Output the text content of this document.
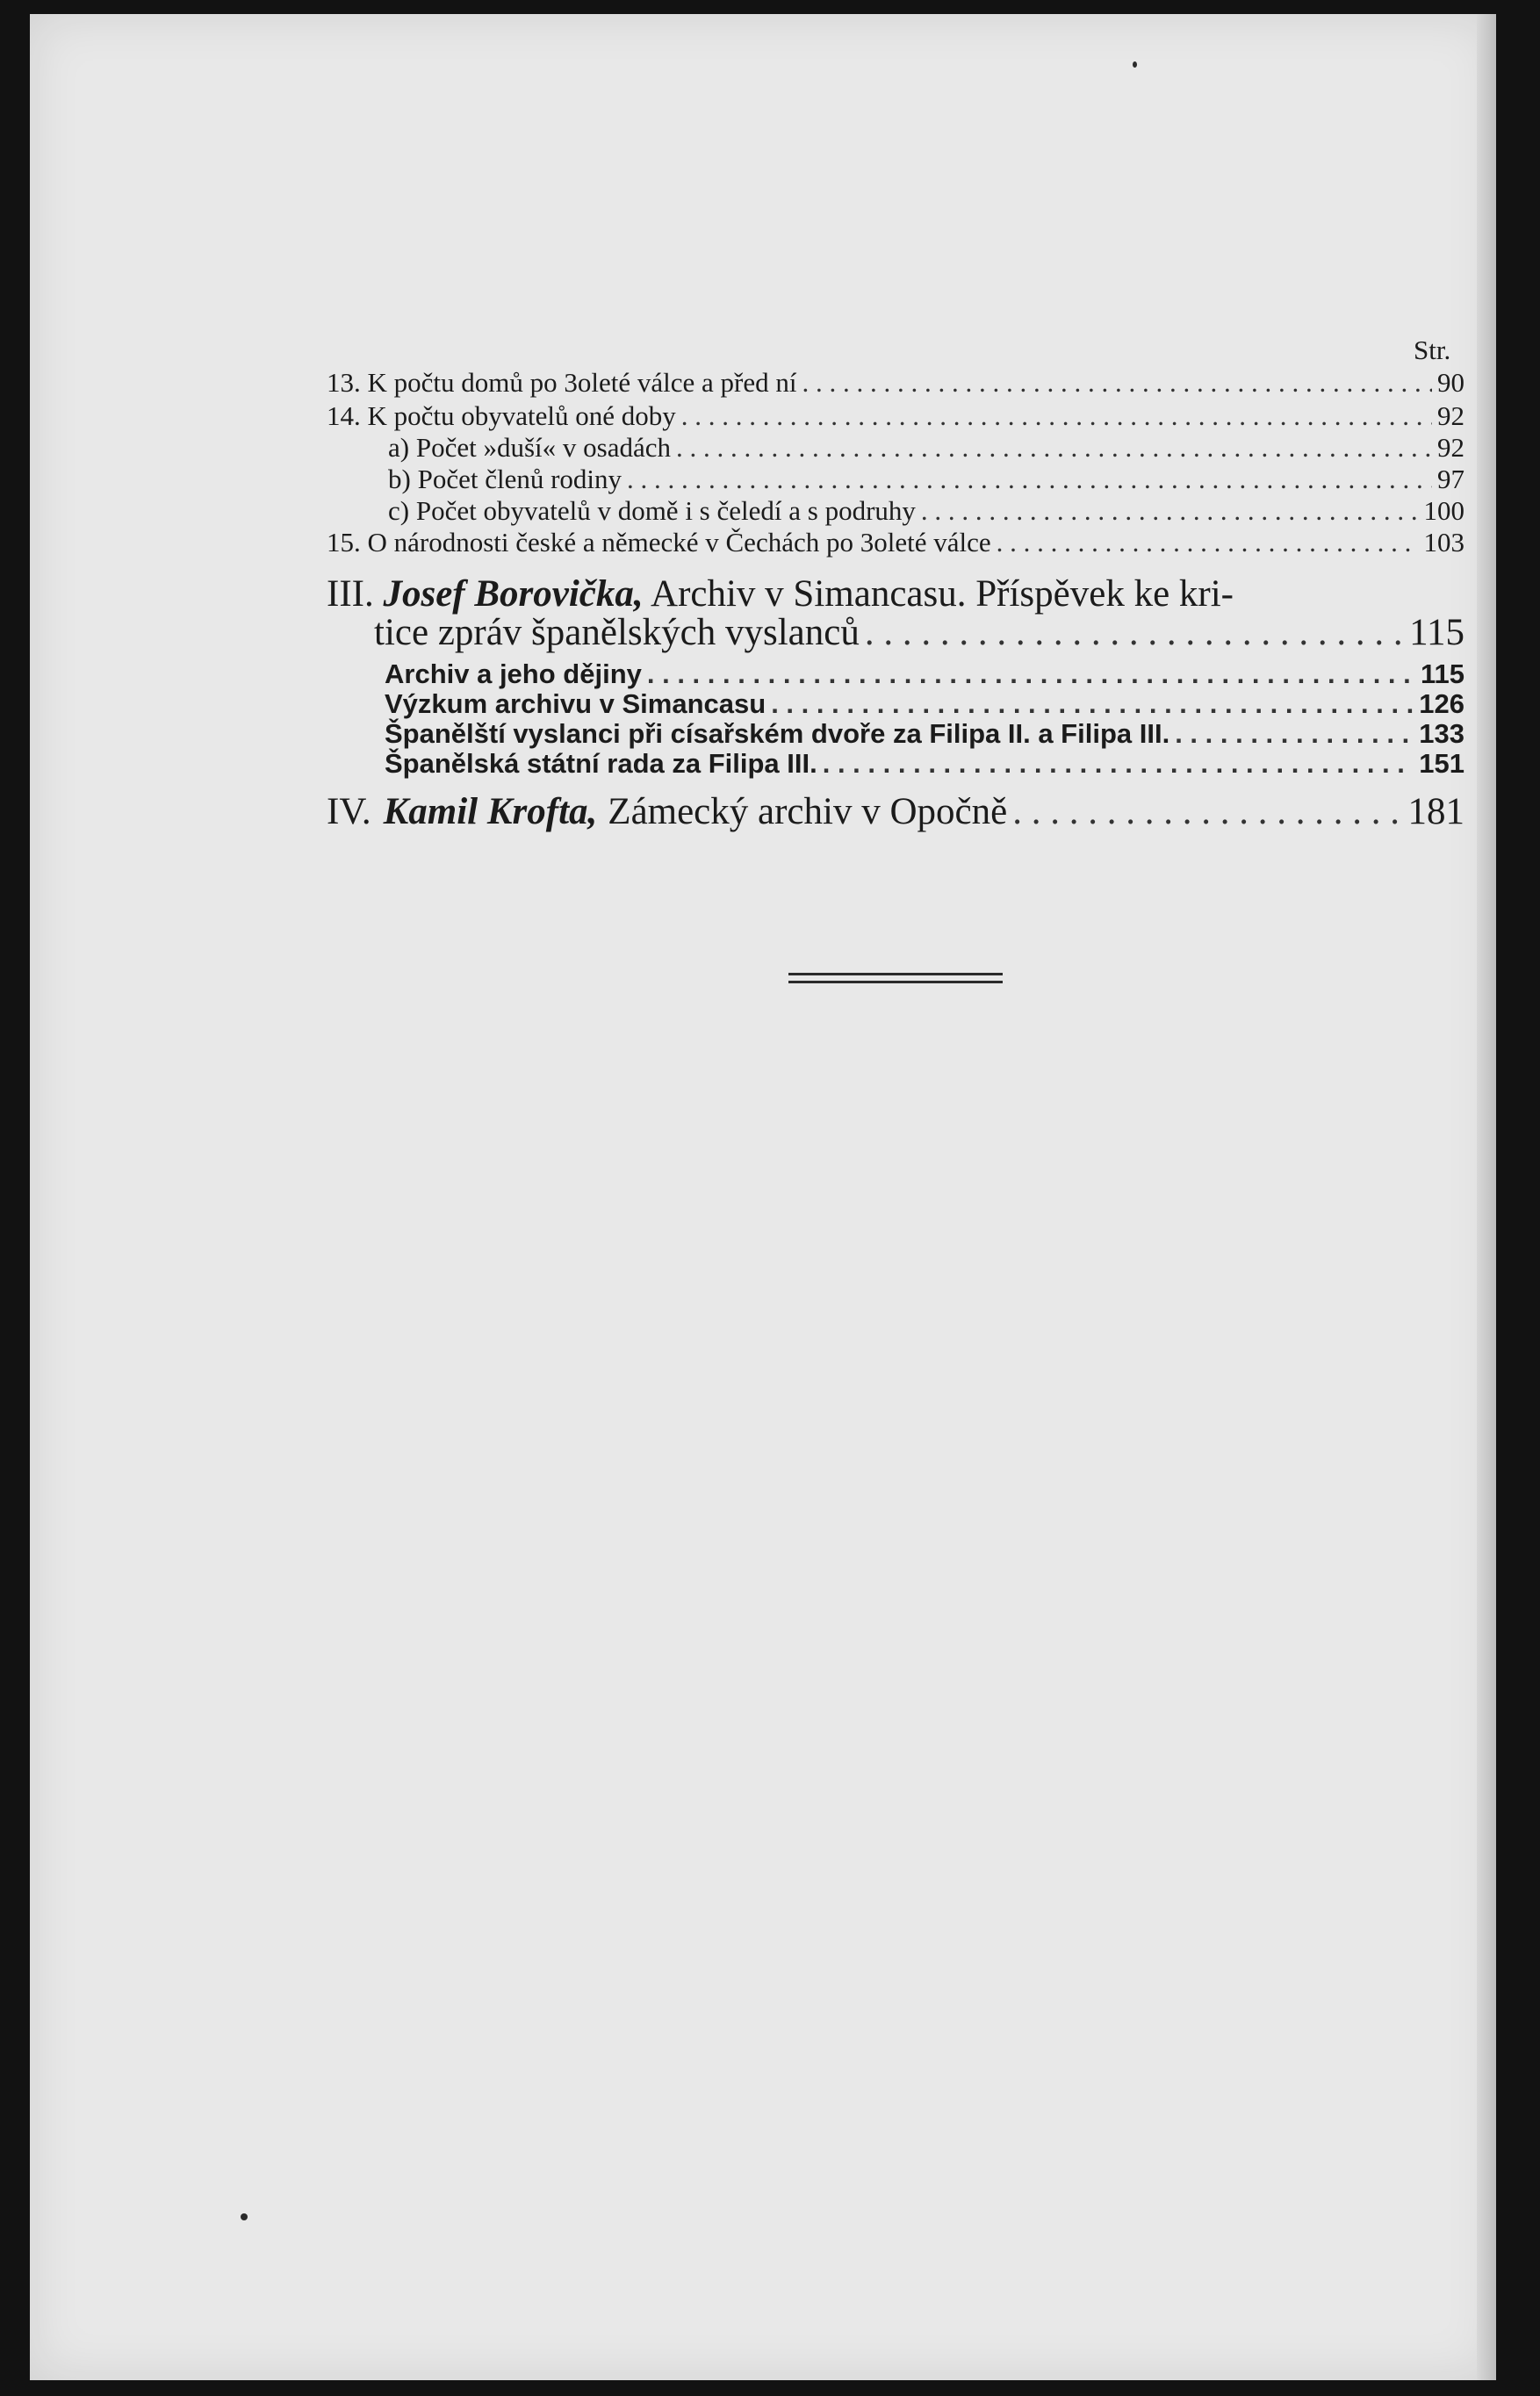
Str.
13. K počtu domů po 3oleté válce a před ní . . .	90
14. K počtu obyvatelů oné doby . . .	92
a) Počet »duší« v osadách . . .	92
b) Počet členů rodiny . . .	97
c) Počet obyvatelů v domě i s čeledí a s podruhy . . .	100
15. O národnosti české a německé v Čechách po 3oleté válce . . .	103
III. Josef Borovička, Archiv v Simancasu. Příspěvek ke kri-
tice zpráv španělských vyslanců . . .	115
Archiv a jeho dějiny . . .	115
Výzkum archivu v Simancasu . . .	126
Španělští vyslanci při císařském dvoře za Filipa II. a Filipa III. . . .	133
Španělská státní rada za Filipa III. . . .	151
IV. Kamil Krofta, Zámecký archiv v Opočně . . .	181
